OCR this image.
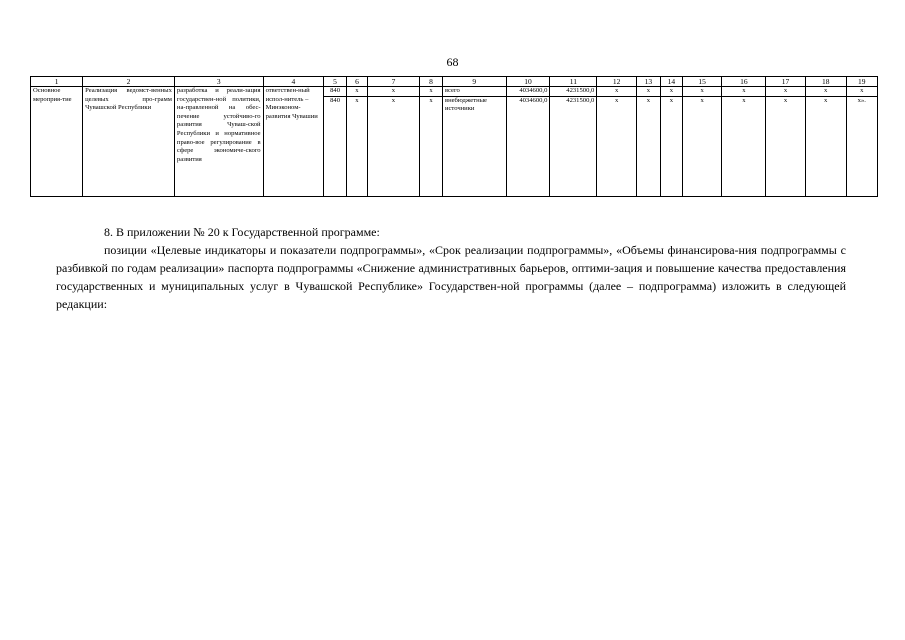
68
1	2	3	4	5	6	7	8	9	10	11	12	13	14	15	16	17	18	19
Основное мероприя-тие	Реализация ведомст-венных целевых про-грамм Чувашской Республики	разработка и реали-зация государствен-ной политики, на-правленной на обес-печение устойчиво-го развития Чуваш-ской Республики и нормативное право-вое регулирование в сфере экономиче-ского развития	ответствен-ный испол-нитель – Минэконом-развития Чувашии	840	x	x	x	всего	4034600,0	4231500,0	x	x	x	x	x	x	x	x
				840	x	x	x	внебюджетные источники	4034600,0	4231500,0	x	x	x	x	x	x	x	x».

8. В приложении № 20 к Государственной программе:

позиции «Целевые индикаторы и показатели подпрограммы», «Срок реализации подпрограммы», «Объемы финансирова-ния подпрограммы с разбивкой по годам реализации» паспорта подпрограммы «Снижение административных барьеров, оптими-зация и повышение качества предоставления государственных и муниципальных услуг в Чувашской Республике» Государствен-ной программы (далее – подпрограмма) изложить в следующей редакции:
